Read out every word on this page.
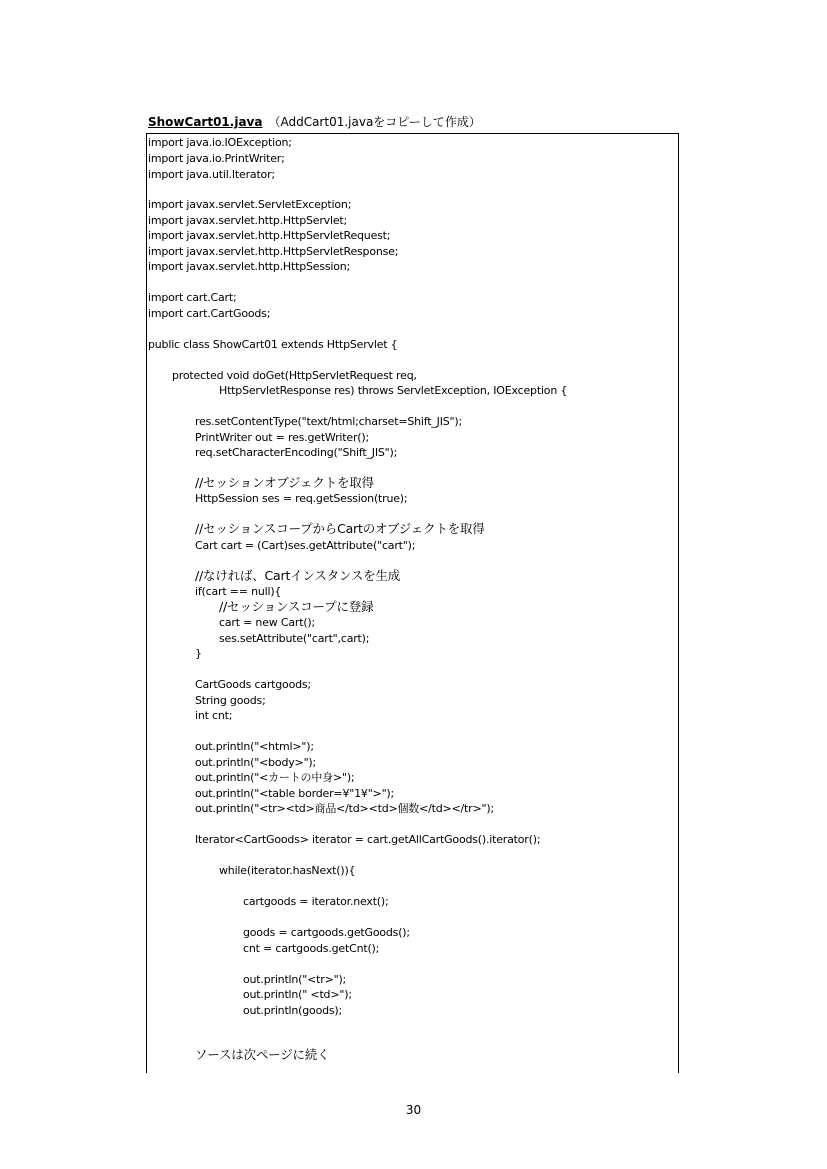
ShowCart01.java （AddCart01.javaをコピーして作成）
import java.io.IOException;
import java.io.PrintWriter;
import java.util.Iterator;
import javax.servlet.ServletException;
import javax.servlet.http.HttpServlet;
import javax.servlet.http.HttpServletRequest;
import javax.servlet.http.HttpServletResponse;
import javax.servlet.http.HttpSession;
import cart.Cart;
import cart.CartGoods;
public class ShowCart01 extends HttpServlet {
protected void doGet(HttpServletRequest req,
HttpServletResponse res) throws ServletException, IOException {
res.setContentType("text/html;charset=Shift_JIS");
PrintWriter out = res.getWriter();
req.setCharacterEncoding("Shift_JIS");
//セッションオブジェクトを取得
HttpSession ses = req.getSession(true);
//セッションスコープからCartのオブジェクトを取得
Cart cart = (Cart)ses.getAttribute("cart");
//なければ、Cartインスタンスを生成
if(cart == null){
//セッションスコープに登録
cart = new Cart();
ses.setAttribute("cart",cart);
}
CartGoods cartgoods;
String goods;
int cnt;
out.println("<html>");
out.println("<body>");
out.println("<カートの中身>");
out.println("<table border=¥"1¥">");
out.println("<tr><td>商品</td><td>個数</td></tr>");
Iterator<CartGoods> iterator = cart.getAllCartGoods().iterator();
while(iterator.hasNext()){
cartgoods = iterator.next();
goods = cartgoods.getGoods();
cnt = cartgoods.getCnt();
out.println("<tr>");
out.println(" <td>");
out.println(goods);
ソースは次ページに続く
30
